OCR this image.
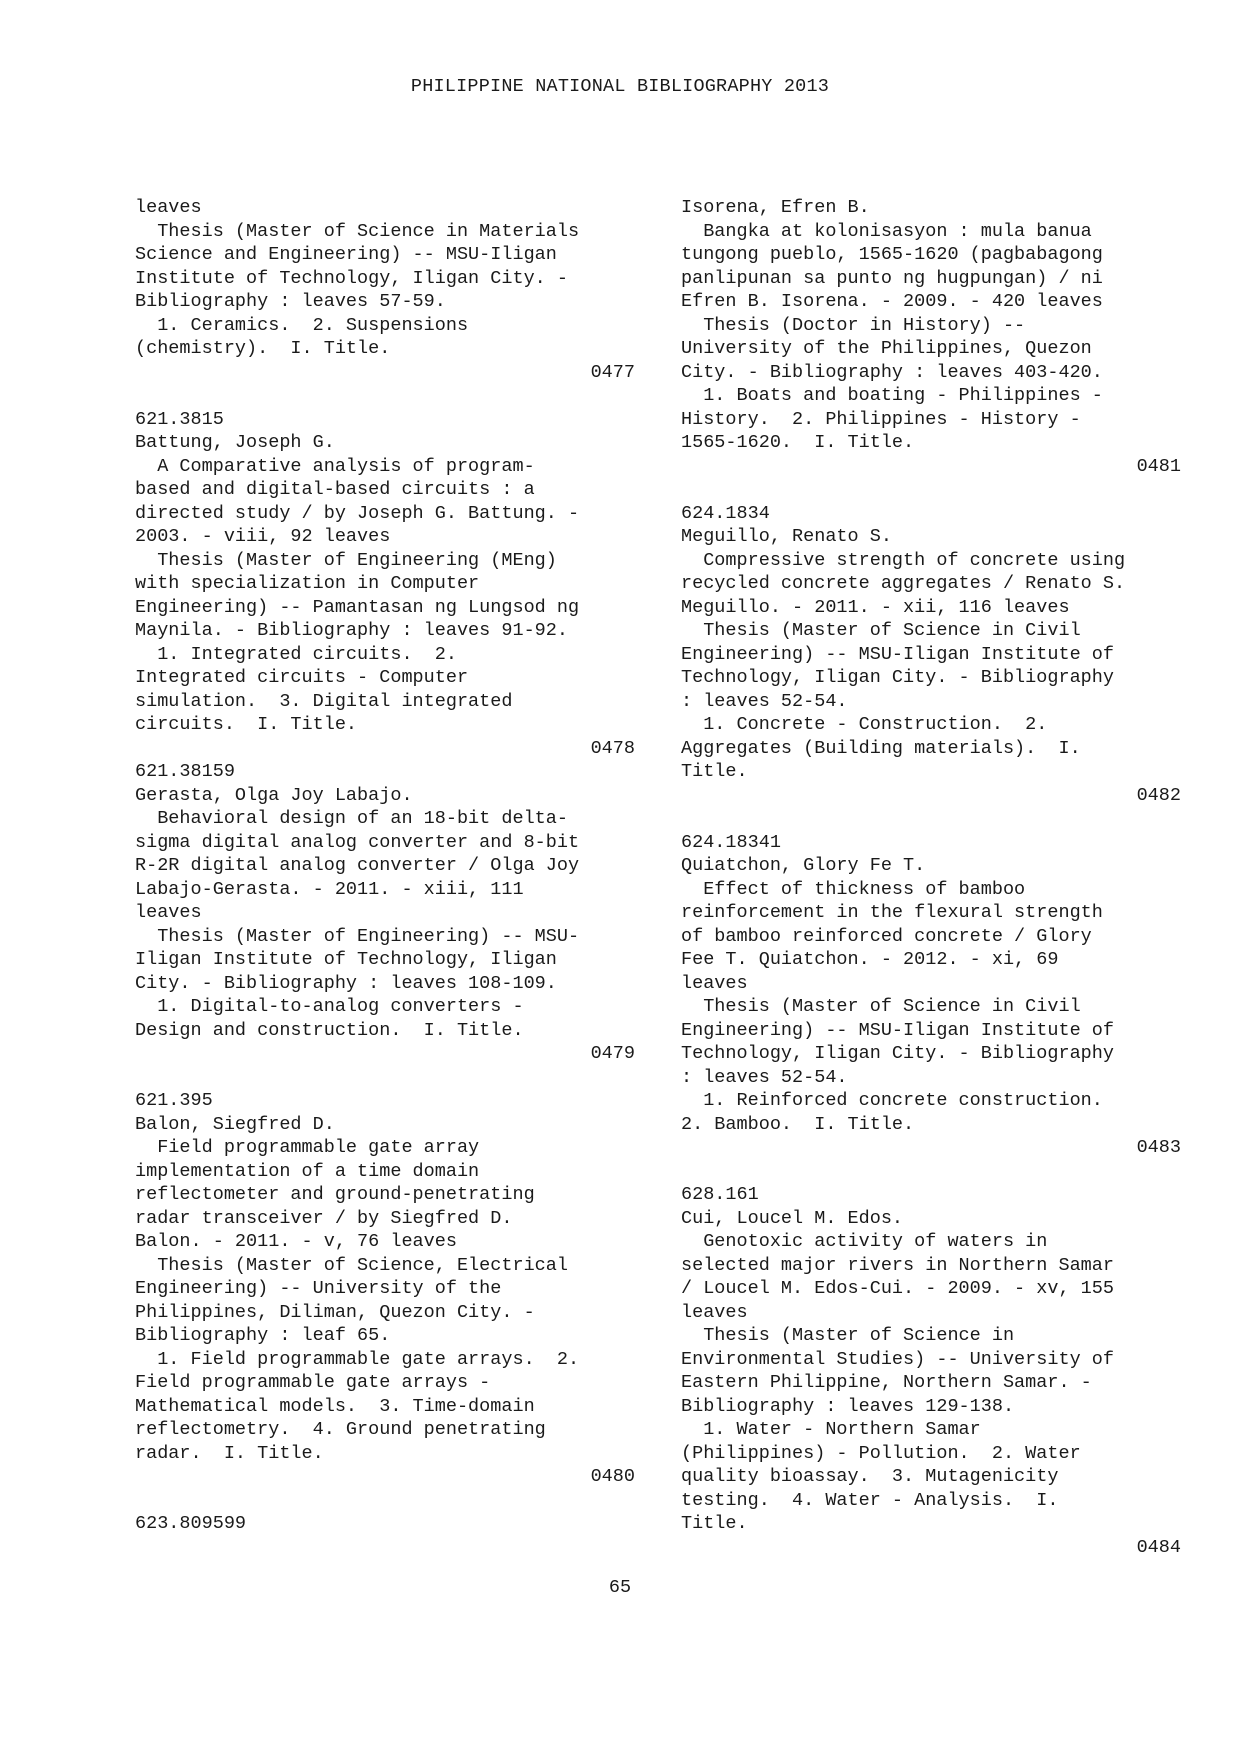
PHILIPPINE NATIONAL BIBLIOGRAPHY 2013
leaves
Thesis (Master of Science in Materials
Science and Engineering) -- MSU-Iligan
Institute of Technology, Iligan City. -
Bibliography : leaves 57-59.
1. Ceramics.  2. Suspensions
(chemistry).  I. Title.
0477
621.3815
Battung, Joseph G.
A Comparative analysis of program-
based and digital-based circuits : a
directed study / by Joseph G. Battung. -
2003. - viii, 92 leaves
Thesis (Master of Engineering (MEng)
with specialization in Computer
Engineering) -- Pamantasan ng Lungsod ng
Maynila. - Bibliography : leaves 91-92.
1. Integrated circuits.  2.
Integrated circuits - Computer
simulation.  3. Digital integrated
circuits.  I. Title.
0478
621.38159
Gerasta, Olga Joy Labajo.
Behavioral design of an 18-bit delta-
sigma digital analog converter and 8-bit
R-2R digital analog converter / Olga Joy
Labajo-Gerasta. - 2011. - xiii, 111
leaves
Thesis (Master of Engineering) -- MSU-
Iligan Institute of Technology, Iligan
City. - Bibliography : leaves 108-109.
1. Digital-to-analog converters -
Design and construction.  I. Title.
0479
621.395
Balon, Siegfred D.
Field programmable gate array
implementation of a time domain
reflectometer and ground-penetrating
radar transceiver / by Siegfred D.
Balon. - 2011. - v, 76 leaves
Thesis (Master of Science, Electrical
Engineering) -- University of the
Philippines, Diliman, Quezon City. -
Bibliography : leaf 65.
1. Field programmable gate arrays.  2.
Field programmable gate arrays -
Mathematical models.  3. Time-domain
reflectometry.  4. Ground penetrating
radar.  I. Title.
0480
623.809599
Isorena, Efren B.
Bangka at kolonisasyon : mula banua
tungong pueblo, 1565-1620 (pagbabagong
panlipunan sa punto ng hugpungan) / ni
Efren B. Isorena. - 2009. - 420 leaves
Thesis (Doctor in History) --
University of the Philippines, Quezon
City. - Bibliography : leaves 403-420.
1. Boats and boating - Philippines -
History.  2. Philippines - History -
1565-1620.  I. Title.
0481
624.1834
Meguillo, Renato S.
Compressive strength of concrete using
recycled concrete aggregates / Renato S.
Meguillo. - 2011. - xii, 116 leaves
Thesis (Master of Science in Civil
Engineering) -- MSU-Iligan Institute of
Technology, Iligan City. - Bibliography
: leaves 52-54.
1. Concrete - Construction.  2.
Aggregates (Building materials).  I.
Title.
0482
624.18341
Quiatchon, Glory Fe T.
Effect of thickness of bamboo
reinforcement in the flexural strength
of bamboo reinforced concrete / Glory
Fee T. Quiatchon. - 2012. - xi, 69
leaves
Thesis (Master of Science in Civil
Engineering) -- MSU-Iligan Institute of
Technology, Iligan City. - Bibliography
: leaves 52-54.
1. Reinforced concrete construction.
2. Bamboo.  I. Title.
0483
628.161
Cui, Loucel M. Edos.
Genotoxic activity of waters in
selected major rivers in Northern Samar
/ Loucel M. Edos-Cui. - 2009. - xv, 155
leaves
Thesis (Master of Science in
Environmental Studies) -- University of
Eastern Philippine, Northern Samar. -
Bibliography : leaves 129-138.
1. Water - Northern Samar
(Philippines) - Pollution.  2. Water
quality bioassay.  3. Mutagenicity
testing.  4. Water - Analysis.  I.
Title.
0484
65
